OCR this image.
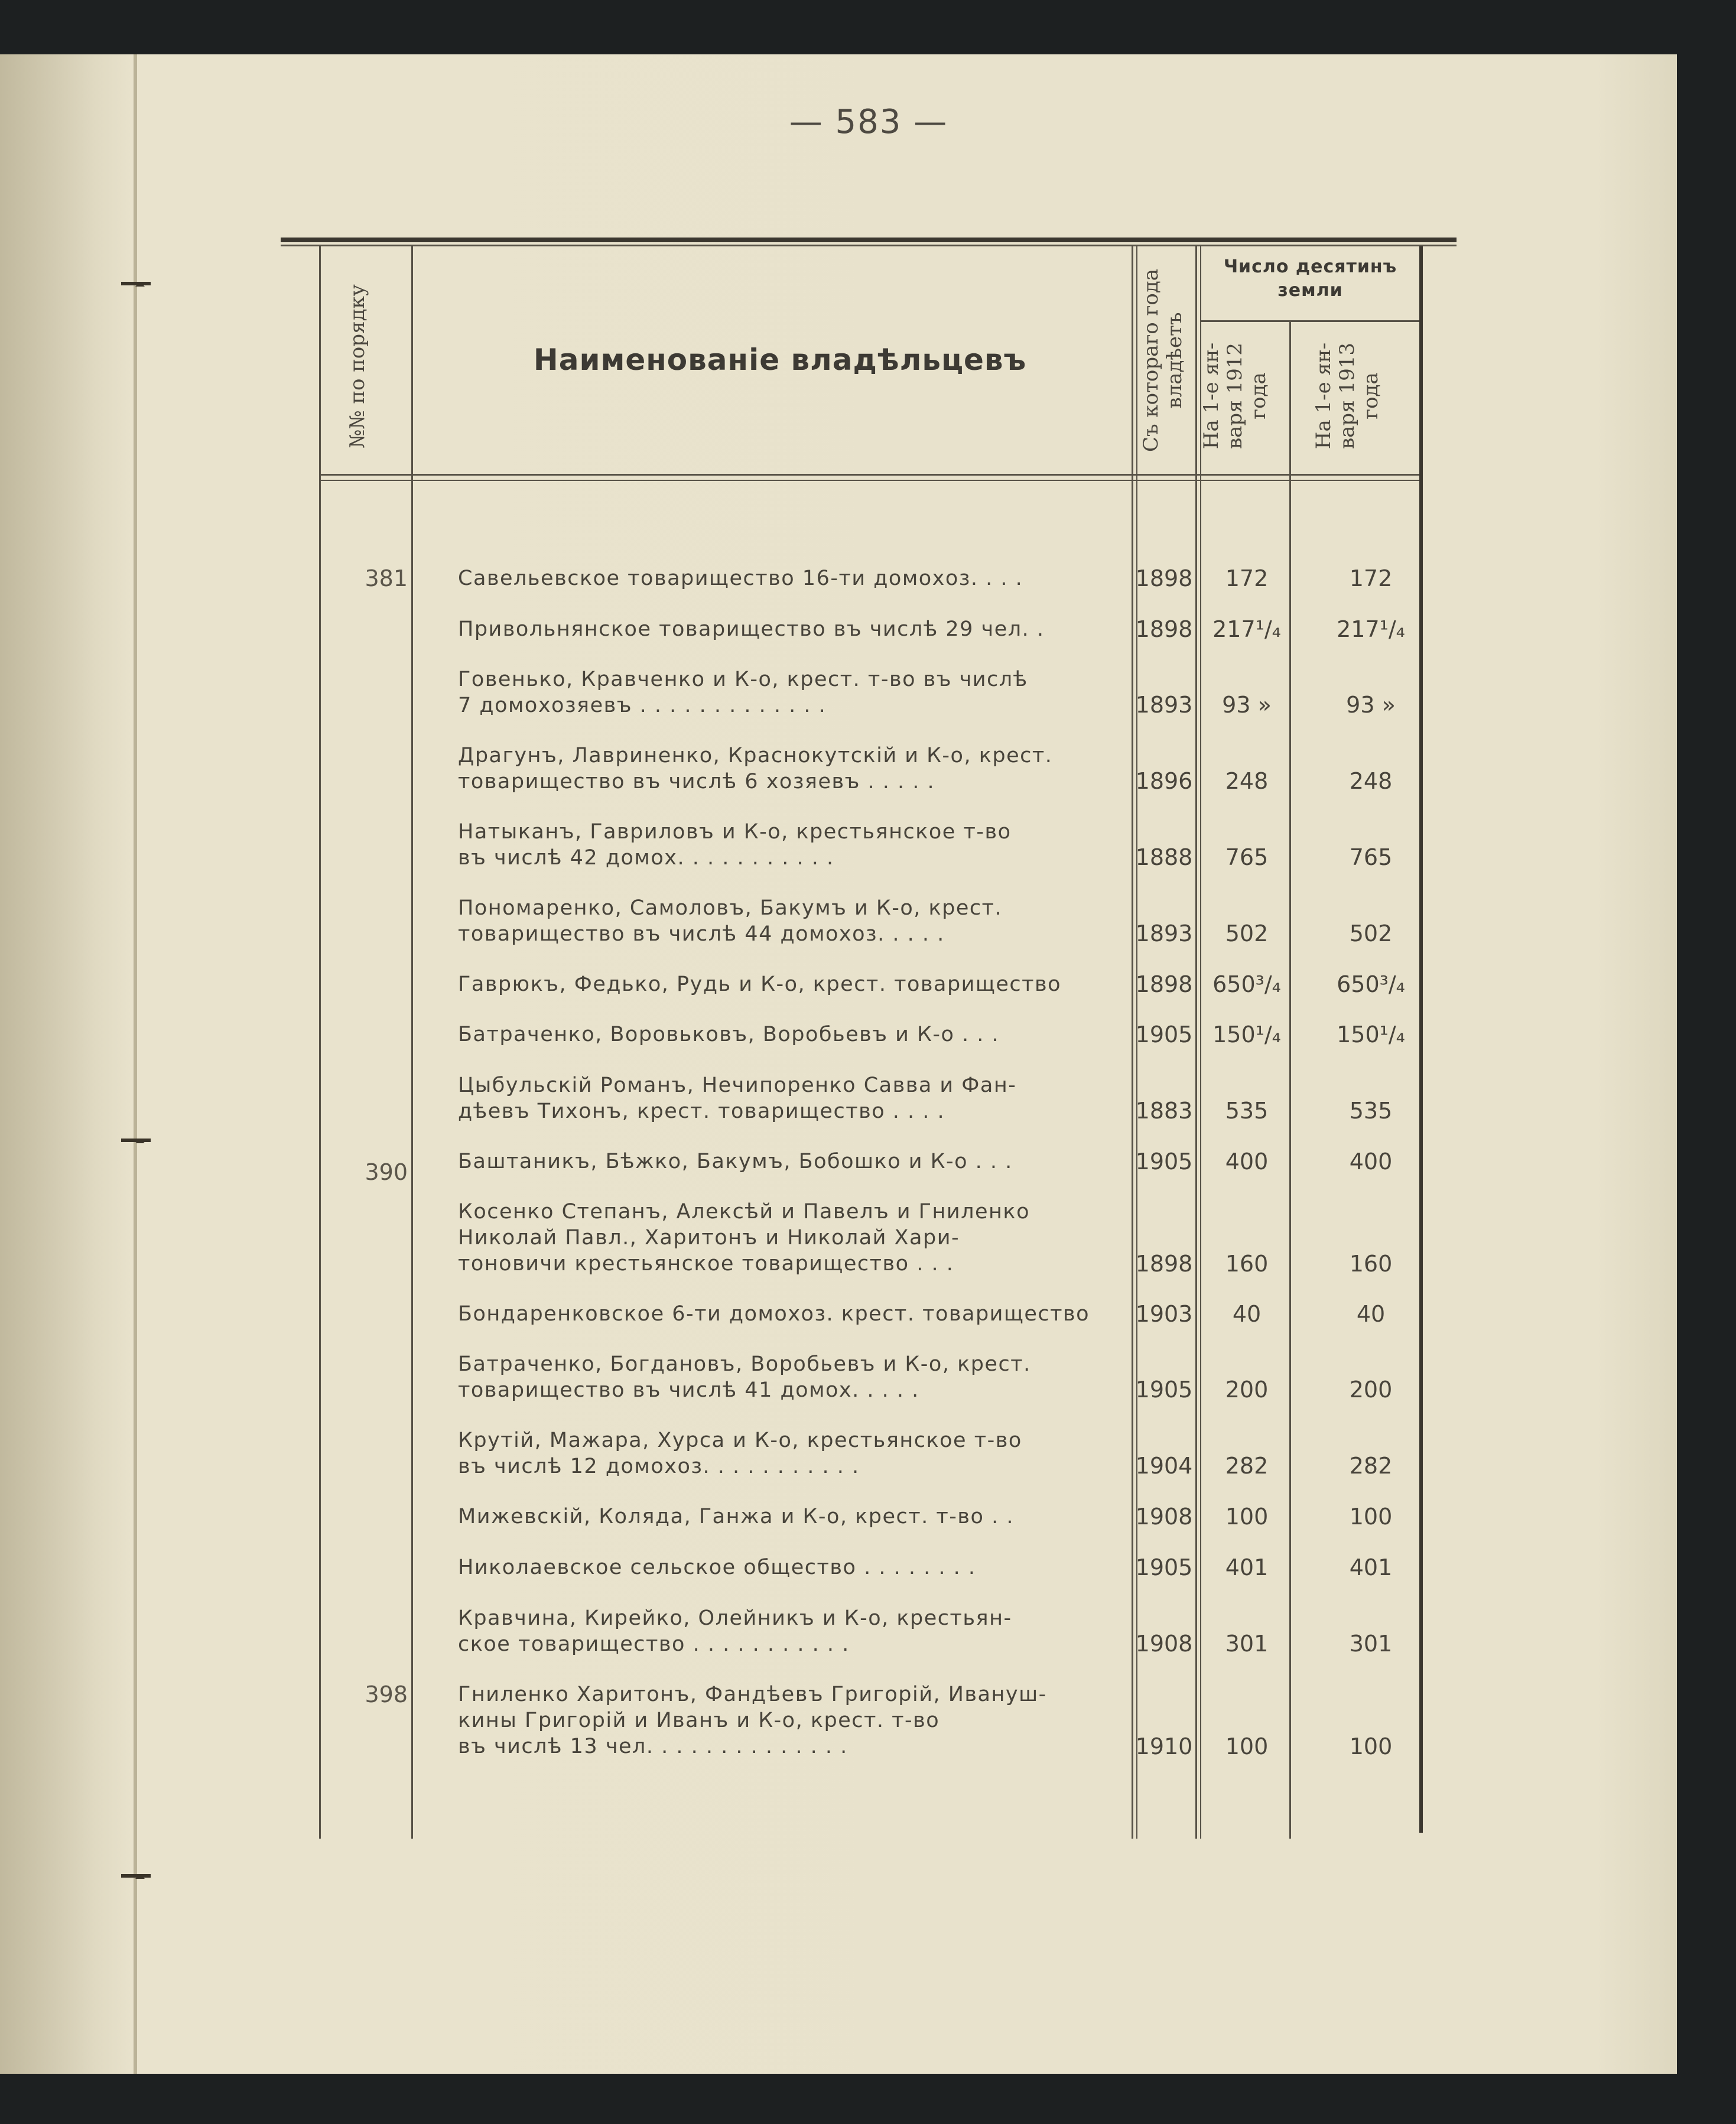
— 583 —
№№ по порядку	Наименованіе владѣльцевъ
Съ котораго года
владѣетъ
Число десятинъ
земли
На 1-е ян-
варя 1912
года
На 1-е ян-
варя 1913
года
381 Савельевское товарищество 16-ти домохоз. . . .	1898	172	172
Привольнянское товарищество въ числѣ 29 чел. .	1898 217¹/₄	217¹/₄
Говенько, Кравченко и К-о, крест. т-во въ числѣ
7 домохозяевъ . . . . . . . . . . . . .	1893	93 »	93 »
Драгунъ, Лавриненко, Краснокутскій и К-о, крест.
товарищество въ числѣ 6 хозяевъ . . . . .	1896	248	248
Натыканъ, Гавриловъ и К-о, крестьянское т-во
въ числѣ 42 домох. . . . . . . . . . .	1888	765	765
Пономаренко, Самоловъ, Бакумъ и К-о, крест.
товарищество въ числѣ 44 домохоз. . . . .	1893	502	502
Гаврюкъ, Федько, Рудь и К-о, крест. товарищество	1898 650³/₄	650³/₄
Батраченко, Воровьковъ, Воробьевъ и К-о . . .	1905 150¹/₄	150¹/₄
Цыбульскій Романъ, Нечипоренко Савва и Фан-
дѣевъ Тихонъ, крест. товарищество . . . .	1883	535	535
390 Баштаникъ, Бѣжко, Бакумъ, Бобошко и К-о . . .	1905	400	400
Косенко Степанъ, Алексѣй и Павелъ и Гниленко
Николай Павл., Харитонъ и Николай Хари-
тоновичи крестьянское товарищество . . .	1898	160	160
Бондаренковское 6-ти домохоз. крест. товарищество	1903	40	40
Батраченко, Богдановъ, Воробьевъ и К-о, крест.
товарищество въ числѣ 41 домох. . . . .	1905	200	200
Крутій, Мажара, Хурса и К-о, крестьянское т-во
въ числѣ 12 домохоз. . . . . . . . . . .	1904	282	282
Мижевскій, Коляда, Ганжа и К-о, крест. т-во . .	1908	100	100
Николаевское сельское общество . . . . . . . .	1905	401	401
Кравчина, Кирейко, Олейникъ и К-о, крестьян-
ское товарищество . . . . . . . . . . .	1908	301	301
398 Гниленко Харитонъ, Фандѣевъ Григорій, Ивануш-
кины Григорій и Иванъ и К-о, крест. т-во
въ числѣ 13 чел. . . . . . . . . . . . . .	1910	100	100
